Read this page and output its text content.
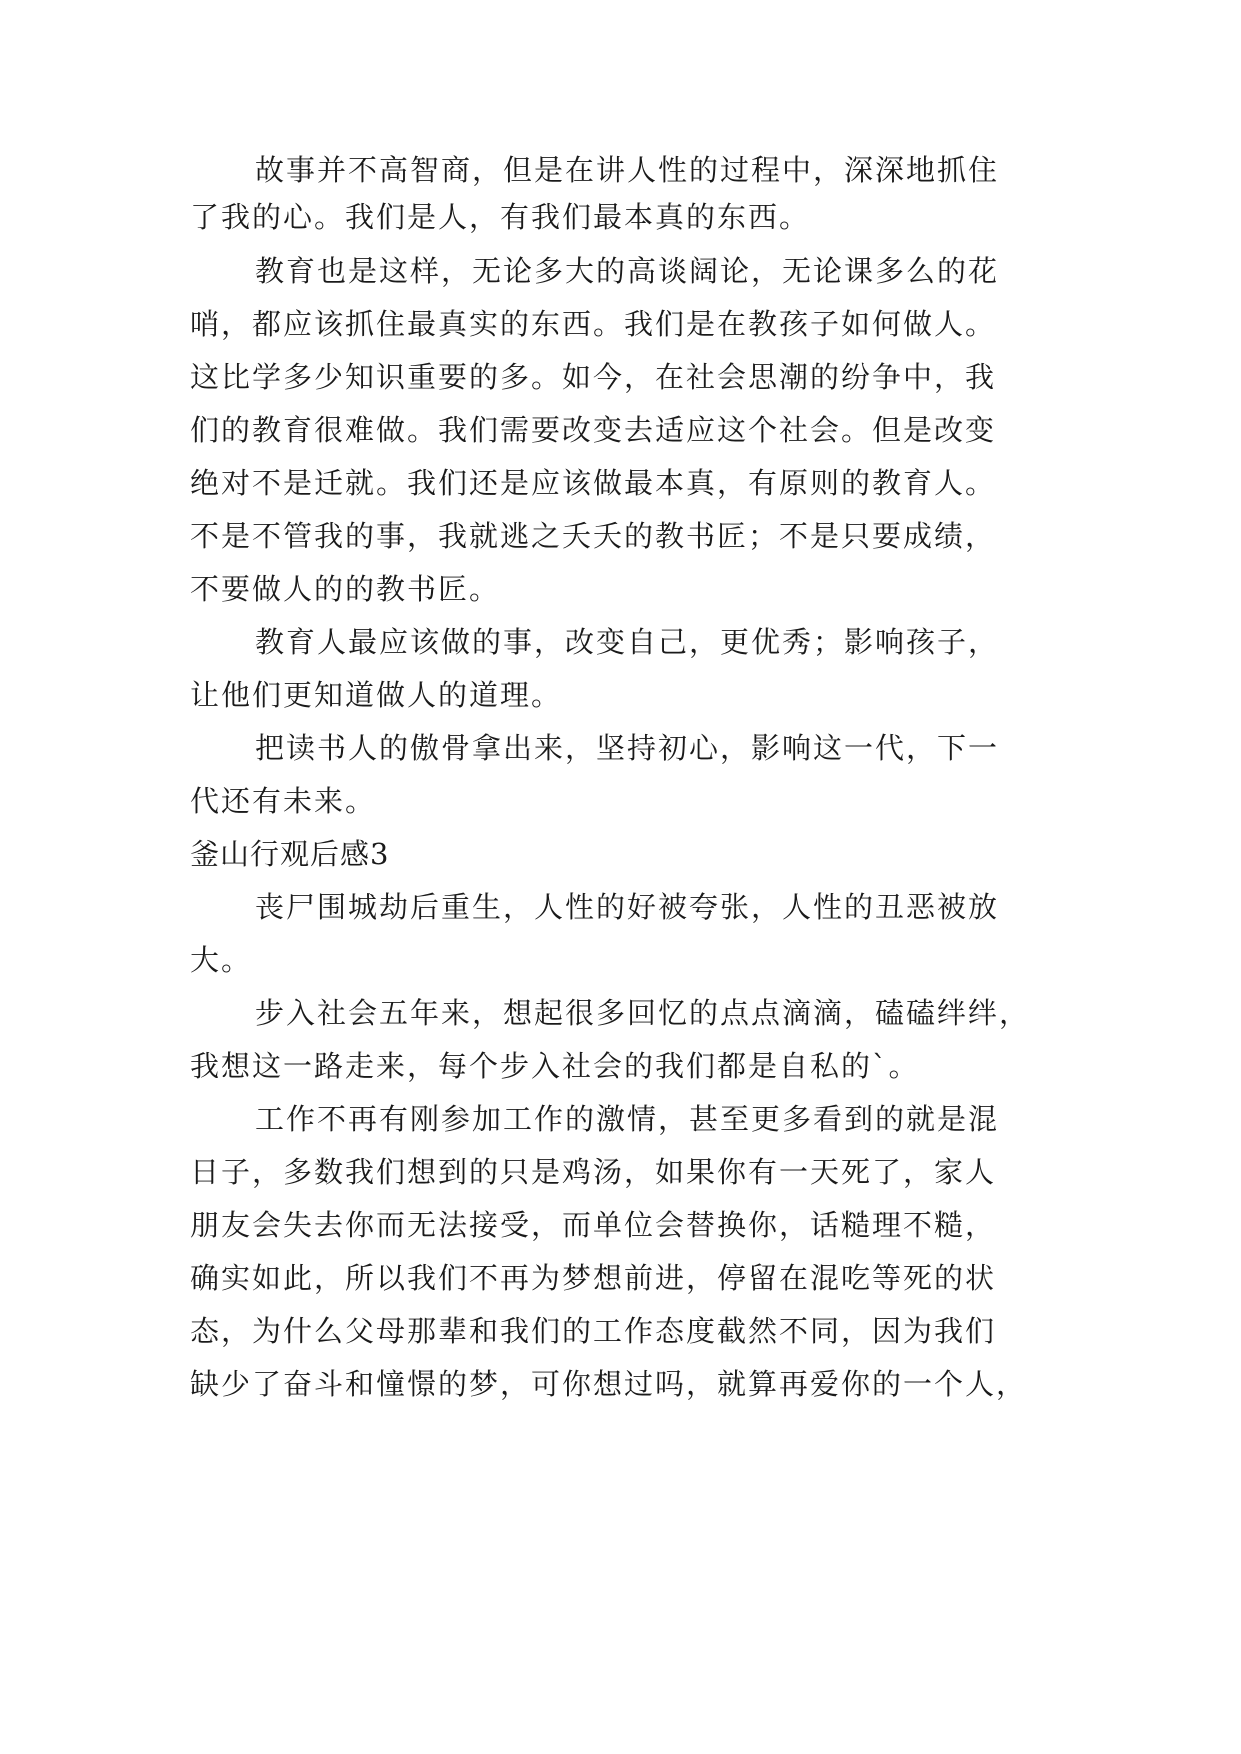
故事并不高智商，但是在讲人性的过程中，深深地抓住
了我的心。我们是人，有我们最本真的东西。
教育也是这样，无论多大的高谈阔论，无论课多么的花
哨，都应该抓住最真实的东西。我们是在教孩子如何做人。
这比学多少知识重要的多。如今，在社会思潮的纷争中，我
们的教育很难做。我们需要改变去适应这个社会。但是改变
绝对不是迁就。我们还是应该做最本真，有原则的教育人。
不是不管我的事，我就逃之夭夭的教书匠；不是只要成绩，
不要做人的的教书匠。
教育人最应该做的事，改变自己，更优秀；影响孩子，
让他们更知道做人的道理。
把读书人的傲骨拿出来，坚持初心，影响这一代，下一
代还有未来。
釜山行观后感3
丧尸围城劫后重生，人性的好被夸张，人性的丑恶被放
大。
步入社会五年来，想起很多回忆的点点滴滴，磕磕绊绊，
我想这一路走来，每个步入社会的我们都是自私的`。
工作不再有刚参加工作的激情，甚至更多看到的就是混
日子，多数我们想到的只是鸡汤，如果你有一天死了，家人
朋友会失去你而无法接受，而单位会替换你，话糙理不糙，
确实如此，所以我们不再为梦想前进，停留在混吃等死的状
态，为什么父母那辈和我们的工作态度截然不同，因为我们
缺少了奋斗和憧憬的梦，可你想过吗，就算再爱你的一个人，
